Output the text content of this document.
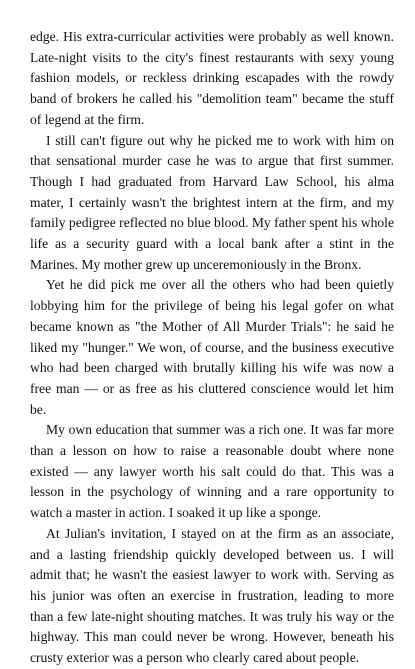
edge. His extra-curricular activities were probably as well known. Late-night visits to the city's finest restaurants with sexy young fashion models, or reckless drinking escapades with the rowdy band of brokers he called his "demolition team" became the stuff of legend at the firm.

I still can't figure out why he picked me to work with him on that sensational murder case he was to argue that first summer. Though I had graduated from Harvard Law School, his alma mater, I certainly wasn't the brightest intern at the firm, and my family pedigree reflected no blue blood. My father spent his whole life as a security guard with a local bank after a stint in the Marines. My mother grew up unceremoniously in the Bronx.

Yet he did pick me over all the others who had been quietly lobbying him for the privilege of being his legal gofer on what became known as "the Mother of All Murder Trials": he said he liked my "hunger." We won, of course, and the business executive who had been charged with brutally killing his wife was now a free man — or as free as his cluttered conscience would let him be.

My own education that summer was a rich one. It was far more than a lesson on how to raise a reasonable doubt where none existed — any lawyer worth his salt could do that. This was a lesson in the psychology of winning and a rare opportunity to watch a master in action. I soaked it up like a sponge.

At Julian's invitation, I stayed on at the firm as an associate, and a lasting friendship quickly developed between us. I will admit that; he wasn't the easiest lawyer to work with. Serving as his junior was often an exercise in frustration, leading to more than a few late-night shouting matches. It was truly his way or the highway. This man could never be wrong. However, beneath his crusty exterior was a person who clearly cared about people.
